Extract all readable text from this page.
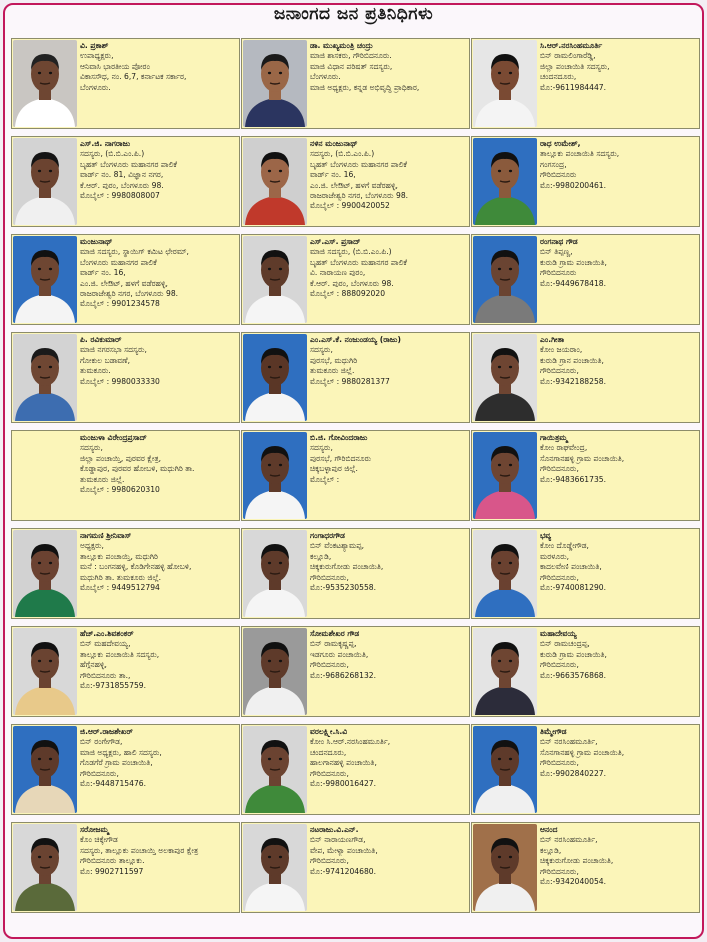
ಜನಾಂಗದ ಜನ ಪ್ರತಿನಿಧಿಗಳು
ವಿ. ಪ್ರಕಾಶ್
ಉಪಾಧ್ಯಕ್ಷರು,
ಆನಿವಾಸಿ ಭಾರತೀಯ ಪೋರಂ
ವಿಕಾಸಸೌಧ, ನಂ. 6,7, ಕರ್ನಾಟಕ ಸರ್ಕಾರ,
ಬೆಂಗಳೂರು.
ಡಾ. ಮುಖ್ಯಮಂತ್ರಿ ಚಂದ್ರು
ಮಾಜಿ ಶಾಸಕರು, ಗೌರಿಬಿದನೂರು.
ಮಾಜಿ ವಿಧಾನ ಪರಿಷತ್ ಸದಸ್ಯರು,
ಬೆಂಗಳೂರು.
ಮಾಜಿ ಅಧ್ಯಕ್ಷರು, ಕನ್ನಡ ಅಭಿವೃದ್ಧಿ ಪ್ರಾಧಿಕಾರ,
ಸಿ.ಆರ್.ನರಸಿಂಹಮೂರ್ತಿ
ಬಿನ್ ರಾಮಲಿಂಗಾರೆಡ್ಡಿ,
ಜಿಲ್ಲಾ ಪಂಚಾಯಿತಿ ಸದಸ್ಯರು,
ಚಂದನದೂರು,
ಮೊ:-9611984447.
ಎಸ್.ಜಿ. ನಾಗರಾಜು
ಸದಸ್ಯರು, (ಬಿ.ಬಿ.ಎಂ.ಪಿ.)
ಬೃಹತ್ ಬೆಂಗಳೂರು ಮಹಾನಗರ ಪಾಲಿಕೆ
ವಾರ್ಡ್ ನಂ. 81, ವಿಜ್ಞಾನ ನಗರ,
ಕೆ.ಆರ್. ಪುರಂ, ಬೆಂಗಳೂರು 98.
ಮೊಬೈಲ್ : 9980808007
ನಳಿನ ಮಂಜುನಾಥ್
ಸದಸ್ಯರು, (ಬಿ.ಬಿ.ಎಂ.ಪಿ.)
ಬೃಹತ್ ಬೆಂಗಳೂರು ಮಹಾನಗರ ಪಾಲಿಕೆ
ವಾರ್ಡ್ ನಂ. 16,
ಎಂ.ಜಿ. ಲೇಔಟ್, ಹಳಗೆ ವಡೆರಹಳ್ಳಿ,
ರಾಜರಾಜೇಶ್ವರಿ ನಗರ, ಬೆಂಗಳೂರು 98.
ಮೊಬೈಲ್ : 9900420052
ರಾಧ ಉಮೇಶ್,
ತಾಲ್ಲೂಕು ಪಂಚಾಯಿತಿ ಸದಸ್ಯರು,
ಗಂಗಸಂದ್ರ,
ಗೌರಿಬಿದನೂರು
ಮೊ:-9980200461.
ಮಂಜುನಾಥ್
ಮಾಜಿ ಸದಸ್ಯರು, ಸ್ಥಾಯಿಗ್ ಕಮಿಟ ಛೇರಮ್,
ಬೆಂಗಳೂರು ಮಹಾನಗರ ಪಾಲಿಕೆ
ವಾರ್ಡ್ ನಂ. 16,
ಎಂ.ಜಿ. ಲೇಔಟ್, ಹಳಗೆ ವಡೆರಹಳ್ಳಿ,
ರಾಜರಾಜೇಶ್ವರಿ ನಗರ, ಬೆಂಗಳೂರು 98.
ಮೊಬೈಲ್ : 9901234578
ಎಸ್.ಎಸ್. ಪ್ರಸಾದ್
ಮಾಜಿ ಸದಸ್ಯರು, (ಬಿ.ಬಿ.ಎಂ.ಪಿ.)
ಬೃಹತ್ ಬೆಂಗಳೂರು ಮಹಾನಗರ ಪಾಲಿಕೆ
ವಿ. ನಾರಾಯಣ ಪುರಂ,
ಕೆ.ಆರ್. ಪುರಂ, ಬೆಂಗಳೂರು 98.
ಮೊಬೈಲ್ : 888092020
ರಂಗನಾಥ ಗೌಡ
ಬಿನ್ ತಿಪ್ಪಣ್ಣ,
ಕುರುಡಿ ಗ್ರಾಮ ಪಂಚಾಯಿತಿ,
ಗೌರಿಬಿದನೂರು
ಮೊ:-9449678418.
ಪಿ. ರವಿಕುಮಾರ್
ಮಾಜಿ ನಗರಸಭಾ ಸದಸ್ಯರು,
ಗೋಕುಲ ಬಡಾವಣೆ,
ತುಮಕೂರು.
ಮೊಬೈಲ್ : 9980033330
ಎಂ.ಎಸ್.ಕೆ. ನಂಜುಂಡಯ್ಯ (ರಾಜು)
ಸದಸ್ಯರು,
ಪುರಸಭೆ, ಮಧುಗಿರಿ
ತುಮಕೂರು ಜಿಲ್ಲೆ.
ಮೊಬೈಲ್ : 9880281377
ಎಂ.ಗೀತಾ
ಕೋಂ ಜಯರಾಂ,
ಕುರುಡಿ ಗ್ರಾನ ಪಂಚಾಯಿತಿ,
ಗೌರಿಬಿದನೂರು,
ಮೊ:-9342188258.
ಮಂಜುಳಾ ವಿರೇಂದ್ರಪ್ರಸಾದ್
ಸದಸ್ಯರು,
ಜಿಲ್ಲಾ ಪಂಚಾಯ್ತಿ, ಪುರವರ ಕ್ಷೇತ್ರ,
ಕೊಡ್ಡಾಪುರ, ಪುರವರ ಹೋಬಳಿ, ಮಧುಗಿರಿ ತಾ.
ತುಮಕೂರು ಜಿಲ್ಲೆ.
ಮೊಬೈಲ್ : 9980620310
ಬಿ.ಜಿ. ಗೋವಿಂದರಾಜು
ಸದಸ್ಯರು,
ಪುರಸಭೆ, ಗೌರಿಬಿದನೂರು
ಚಿಕ್ಕಬಳ್ಳಾಪುರ ಜಿಲ್ಲೆ.
ಮೊಬೈಲ್ :
ಗಾಯಿತ್ರಮ್ಮ
ಕೋಂ ರಾಘವೇಂದ್ರ,
ಸೊನಗಾನಹಳ್ಳಿ ಗ್ರಾಮ ಪಂಚಾಯಿತಿ,
ಗೌರಿಬಿದನೂರು,
ಮೊ:-9483661735.
ನಾಗಮಣಿ ಶ್ರೀನಿವಾಸ್
ಅಧ್ಯಕ್ಷರು,
ತಾಲ್ಲೂಕು ಪಂಚಾಯ್ತಿ, ಮಧುಗಿರಿ
ಮನೆ : ಬಂಗನಹಳ್ಳಿ, ಕೊಡಿಗೇನಹಳ್ಳಿ ಹೋಬಳಿ,
ಮಧುಗಿರಿ ತಾ. ತುಮಕೂರು ಜಿಲ್ಲೆ.
ಮೊಬೈಲ್ : 9449512794
ಗಂಗಾಧರಗೌಡ
ಬಿನ್ ವೆಂಕಟಶ್ಯಾಮಪ್ಪ,
ಕಲ್ಲೂಡಿ,
ಚಿಕ್ಕಕುರುಗೋಡು ಪಂಚಾಯಿತಿ,
ಗೌರಿಬಿದನೂರು,
ಮೊ:-9535230558.
ಭವ್ಯ
ಕೋಂ ದೊಡ್ಡೇಗೌಡ,
ಮರಳೂರು,
ಕಾದಲವೇಣಿ ಪಂಚಾಯಿತಿ,
ಗೌರಿಬಿದನೂರು,
ಮೊ:-9740081290.
ಹೆಚ್.ಎಂ.ಶಿವಶಂಕರ್
ಬಿನ್ ಮಹದೇವಯ್ಯ,
ತಾಲ್ಲೂಕು ಪಂಚಾಯಿತಿ ಸದಸ್ಯರು,
ಹೆಗ್ಗೆನಹಳ್ಳಿ,
ಗೌರಿಬಿದನೂರು ತಾ.,
ಮೊ:-9731855759.
ಸೋಮಶೇಖರ ಗೌಡ
ಬಿನ್ ರಾಮಕೃಷ್ಣಪ್ಪ,
ಇಡಗೂರು ಪಂಚಾಯಿತಿ,
ಗೌರಿಬಿದನೂರು,
ಮೊ:-9686268132.
ಮಹಾದೇವಯ್ಯ
ಬಿನ್ ರಾಮಚಂದ್ರಪ್ಪ,
ಕುರುಡಿ ಗ್ರಾಮ ಪಂಚಾಯಿತಿ,
ಗೌರಿಬಿದನೂರು,
ಮೊ:-9663576868.
ಜಿ.ಆರ್.ರಾಜಶೇಖರ್
ಬಿನ್ ರಂಗೇಗೌಡ,
ಮಾಜಿ ಅಧ್ಯಕ್ಷರು, ಹಾಲಿ ಸದಸ್ಯರು,
ಗೊಡಗೆರೆ ಗ್ರಾಮ ಪಂಚಾಯಿತಿ,
ಗೌರಿಬಿದನೂರು,
ಮೊ:-9448715476.
ವರಲಕ್ಷ್ಮೀ.ಸಿ.ವಿ
ಕೋಂ ಸಿ.ಆರ್.ನರಸಿಂಹಮೂರ್ತಿ,
ಚಂದನದೂರು,
ಹಾಲಗಾನಹಳ್ಳಿ ಪಂಚಾಯಿತಿ,
ಗೌರಿಬಿದನೂರು,
ಮೊ:-9980016427.
ತಿಮ್ಮೇಗೌಡ
ಬಿನ್ ನರಸಿಂಹಮೂರ್ತಿ,
ಸೊನಗಾನಹಳ್ಳಿ ಗ್ರಾಮ ಪಂಚಾಯಿತಿ,
ಗೌರಿಬಿದನೂರು,
ಮೊ:-9902840227.
ಸರೋಜಮ್ಮ
ಕೊಂ ಚಿಕ್ಕೇಗೌಡ
ಸದಸ್ಯರು, ತಾಲ್ಲೂಕು ಪಂಚಾಯ್ತಿ ಅಲಕಾಪುರ ಕ್ಷೇತ್ರ
ಗೌರಿಬಿದನೂರು ತಾಲ್ಲೂಕು.
ಮೊ: 9902711597
ನಟರಾಜು.ವಿ.ಎನ್.
ಬಿನ್ ನಾರಾಯಣಗೌಡ,
ವೇಪ, ಮೇಳ್ಯಾ ಪಂಚಾಯಿತಿ,
ಗೌರಿಬಿದನೂರು,
ಮೊ:-9741204680.
ಆನಂದ
ಬಿನ್ ನರಸಿಂಹಮೂರ್ತಿ,
ಕಲ್ಲೂಡಿ,
ಚಿಕ್ಕಕುರುಗೋಡು ಪಂಚಾಯಿತಿ,
ಗೌರಿಬಿದನೂರು,
ಮೊ:-9342040054.
